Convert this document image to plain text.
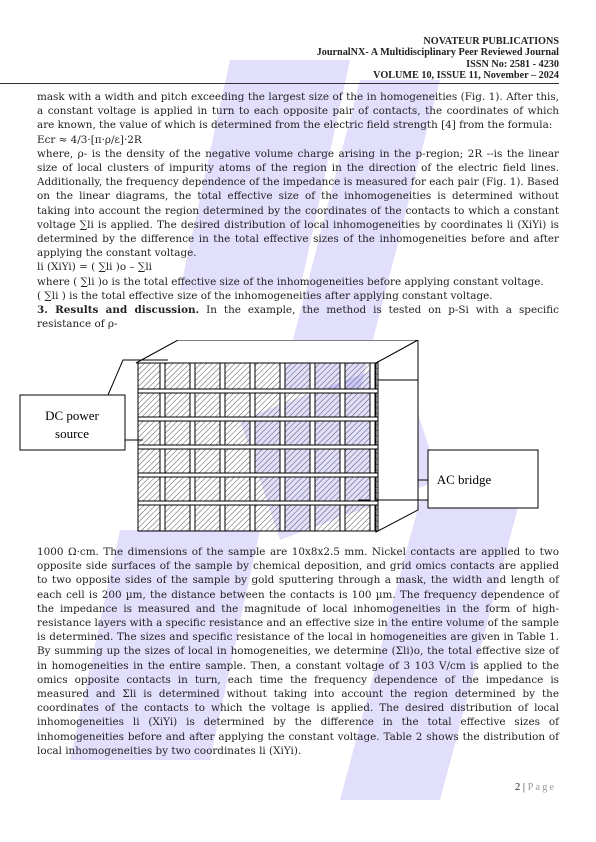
NOVATEUR PUBLICATIONS
JournalNX- A Multidisciplinary Peer Reviewed Journal
ISSN No: 2581 - 4230
VOLUME 10, ISSUE 11, November – 2024

mask with a width and pitch exceeding the largest size of the in homogeneities (Fig. 1). After this, a constant voltage is applied in turn to each opposite pair of contacts, the coordinates of which are known, the value of which is determined from the electric field strength [4] from the formula:

Ecr ≈ 4/3·[π·ρ/ε]·2R

where, ρ- is the density of the negative volume charge arising in the p-region; 2R --is the linear size of local clusters of impurity atoms of the region in the direction of the electric field lines. Additionally, the frequency dependence of the impedance is measured for each pair (Fig. 1). Based on the linear diagrams, the total effective size of the inhomogeneities is determined without taking into account the region determined by the coordinates of the contacts to which a constant voltage ∑li is applied. The desired distribution of local inhomogeneities by coordinates li (XiYi) is determined by the difference in the total effective sizes of the inhomogeneities before and after applying the constant voltage.

li (XiYi) = ( ∑li )o – ∑li

where ( ∑li )o is the total effective size of the inhomogeneities before applying constant voltage.

( ∑li ) is the total effective size of the inhomogeneities after applying constant voltage.

3. Results and discussion. In the example, the method is tested on p-Si with a specific resistance of ρ-

DC power
source
AC bridge

1000 Ω·cm. The dimensions of the sample are 10x8x2.5 mm. Nickel contacts are applied to two opposite side surfaces of the sample by chemical deposition, and grid omics contacts are applied to two opposite sides of the sample by gold sputtering through a mask, the width and length of each cell is 200 µm, the distance between the contacts is 100 µm. The frequency dependence of the impedance is measured and the magnitude of local inhomogeneities in the form of high-resistance layers with a specific resistance and an effective size in the entire volume of the sample is determined. The sizes and specific resistance of the local in homogeneities are given in Table 1. By summing up the sizes of local in homogeneities, we determine (Σli)o, the total effective size of in homogeneities in the entire sample. Then, a constant voltage of 3 103 V/cm is applied to the omics opposite contacts in turn, each time the frequency dependence of the impedance is measured and Σli is determined without taking into account the region determined by the coordinates of the contacts to which the voltage is applied. The desired distribution of local inhomogeneities li (XiYi) is determined by the difference in the total effective sizes of inhomogeneities before and after applying the constant voltage. Table 2 shows the distribution of local inhomogeneities by two coordinates li (XiYi).

2 | Page
